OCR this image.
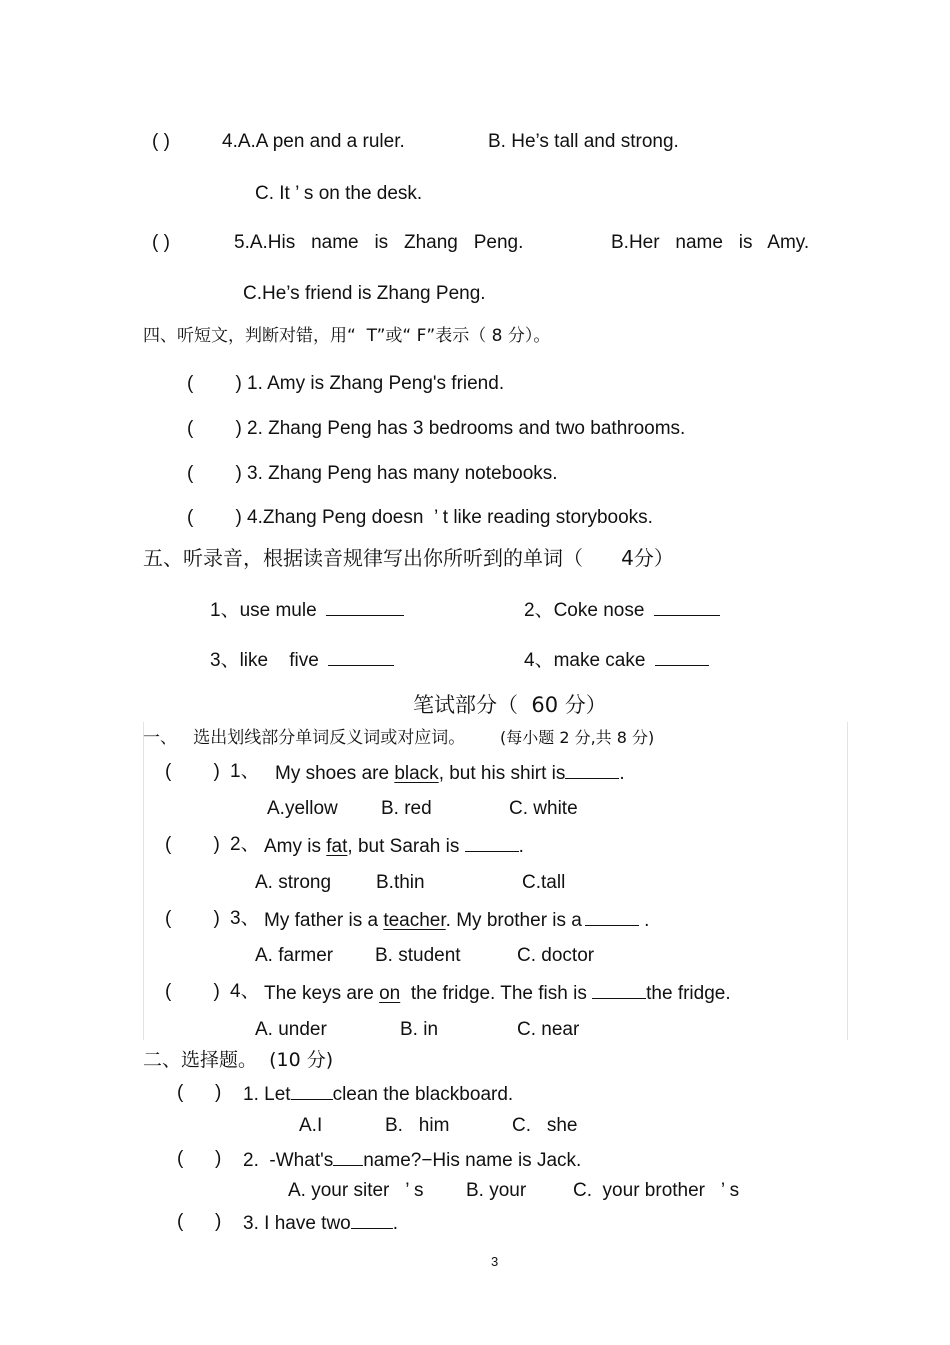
( )	4.A.A pen and a ruler.	B. He’s tall and strong.
C. It ’ s on the desk.
( )	5.A.His   name   is   Zhang   Peng.	B.Her   name   is   Amy.
C.He’s friend is Zhang Peng.
四、听短文，判断对错，用“  T”或“ F”表示（ 8 分）。
(        ) 1. Amy is Zhang Peng's friend.
(        ) 2. Zhang Peng has 3 bedrooms and two bathrooms.
(        ) 3. Zhang Peng has many notebooks.
(        ) 4.Zhang Peng doesn  ’ t like reading storybooks.
五、听录音，根据读音规律写出你所听到的单词（      4分）
1、use mule	2、Coke nose
3、like    five	4、make cake
笔试部分（  60 分）
一、   选出划线部分单词反义词或对应词。 (每小题 2 分,共 8 分)
(        ) 1、 My shoes are black, but his shirt is	.
A.yellow B. red	C. white
(        ) 2、 Amy is fat, but Sarah is	.
A. strong B.thin	C.tall
(        ) 3、 My father is a teacher. My brother is a	.
A. farmer B. student	C. doctor
(        ) 4、 The keys are on the fridge. The fish is	the fridge.
A. under	B. in	C. near
二、选择题。  (10 分)
(      ) 1. Let clean the blackboard.
A.I	B.   him	C.   she
(      ) 2. -What's name?−His name is Jack.
A. your siter   ’ s B. your C.  your brother   ’ s
(      ) 3. I have two .
3
